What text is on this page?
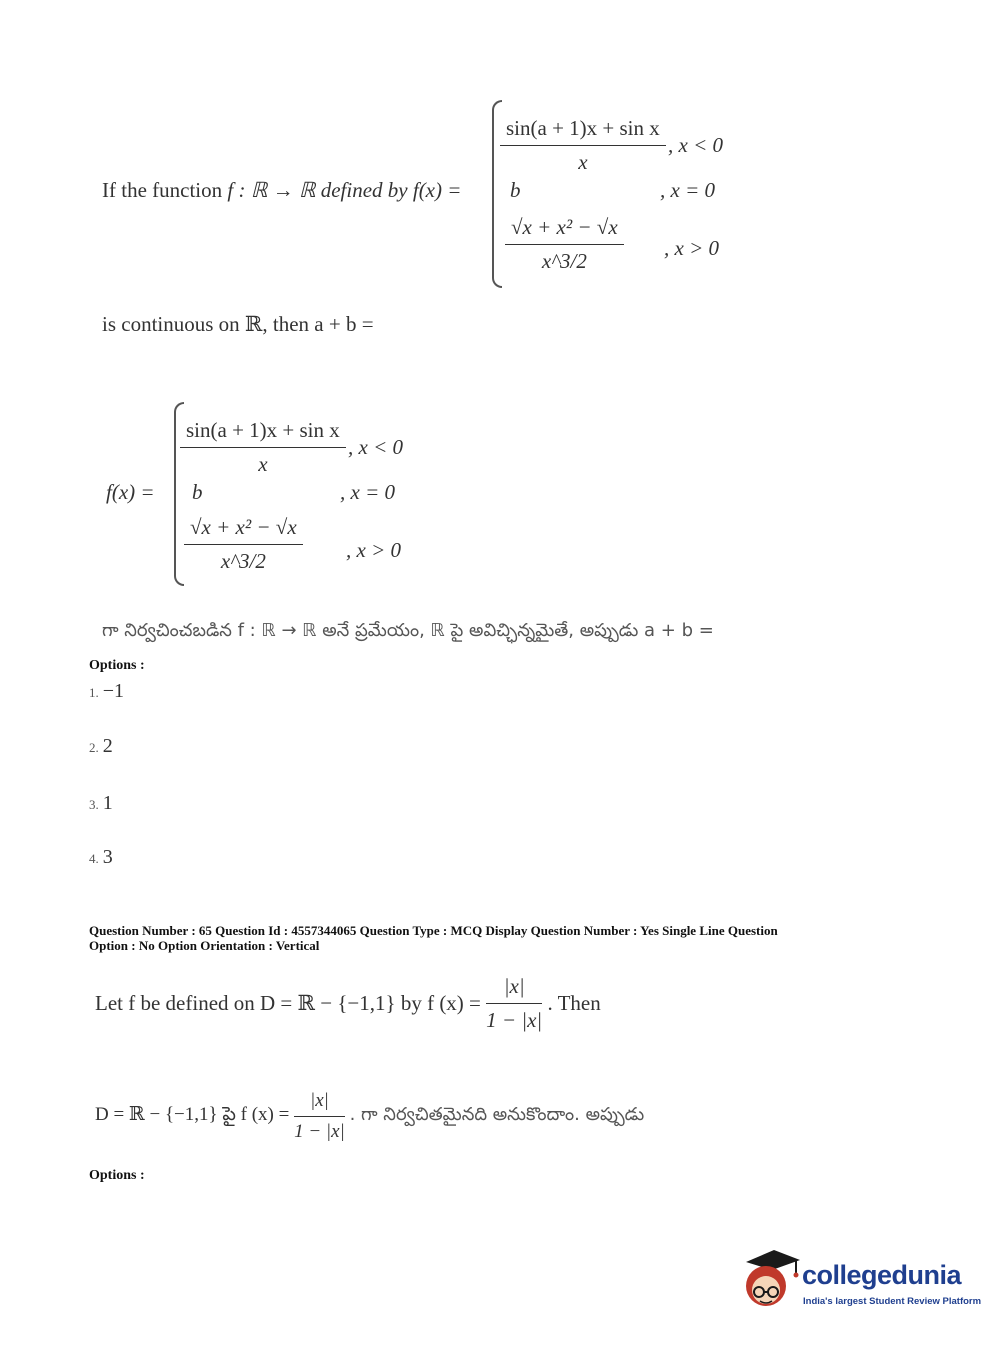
If the function f : ℝ → ℝ defined by f(x) =
$\frac{\text{sin(a + 1)x + sin x}}{x}$ , x < 0
b	, x = 0
$\frac{\text{√x + x² − √x}}{x\^{}3/2}$ , x > 0
is continuous on ℝ, then a + b =
f(x) =
$\frac{\text{sin(a + 1)x + sin x}}{x}$ , x < 0
b	, x = 0
$\frac{\text{√x + x² − √x}}{x\^{}3/2}$ , x > 0
గా నిర్వచించబడిన f : ℝ → ℝ అనే ప్రమేయం, ℝ పై అవిచ్ఛిన్నమైతే, అప్పుడు a + b =
Options :
1. −1
2. 2
3. 1
4. 3
Question Number : 65 Question Id : 4557344065 Question Type : MCQ Display Question Number : Yes Single Line Question
Option : No Option Orientation : Vertical
Let f be defined on D = ℝ − {−1,1} by f $(x) = \frac{|x|}{1 - |x|}$ . Then
D = ℝ − {−1,1} పై f $(x) = \frac{|x|}{1 - |x|}$ . గా నిర్వచితమైనది అనుకొందాం. అప్పుడు
Options :
collegedunia
India's largest Student Review Platform
